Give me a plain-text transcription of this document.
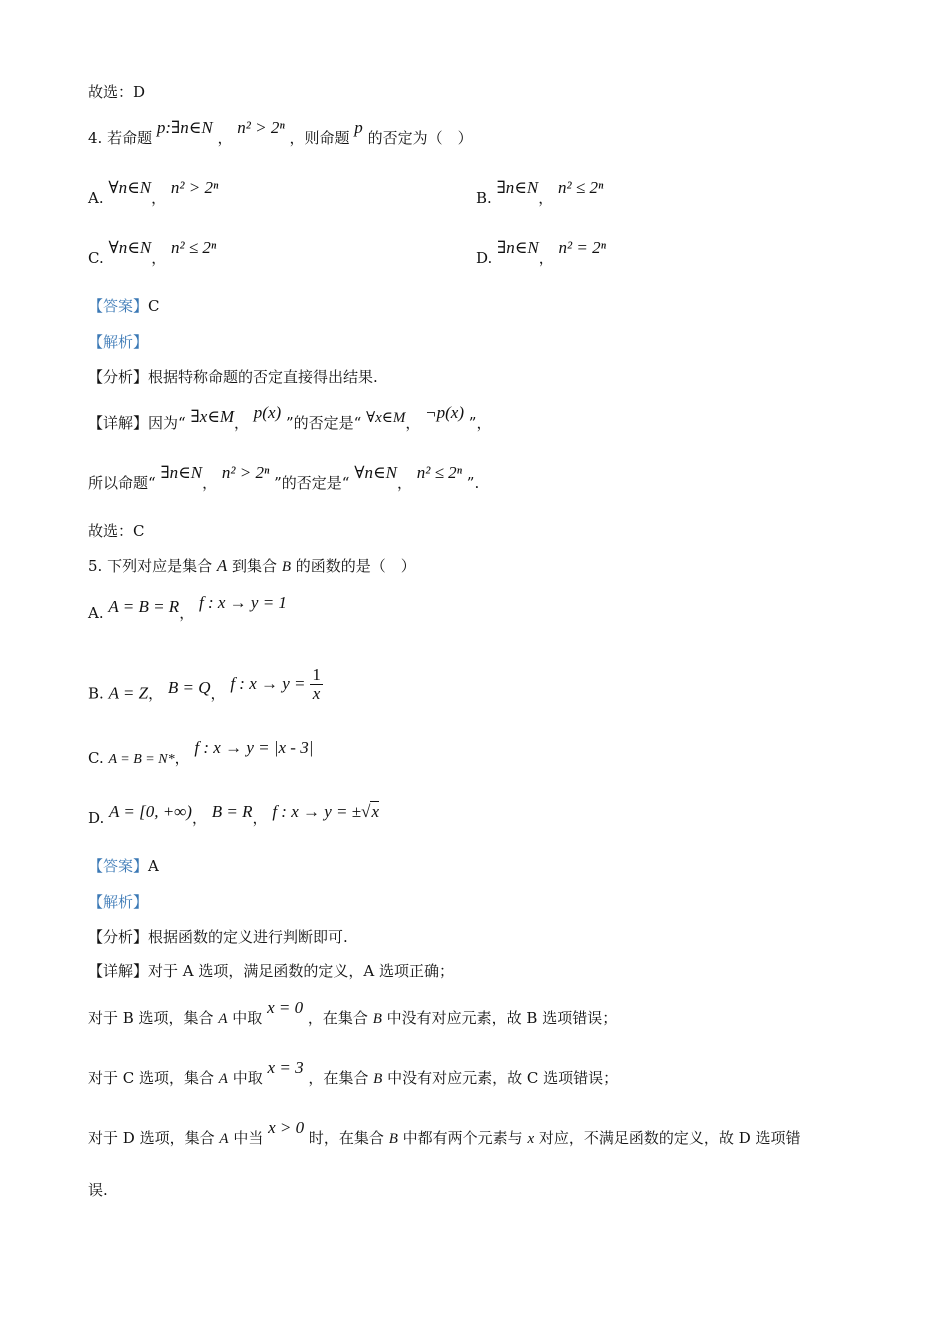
故选：D
4. 若命题 p:∃n∈N ， n² > 2ⁿ ，则命题 p 的否定为（　）
A. ∀n∈N， n² > 2ⁿ
B. ∃n∈N， n² ≤ 2ⁿ
C. ∀n∈N， n² ≤ 2ⁿ
D. ∃n∈N， n² = 2ⁿ
【答案】C
【解析】
【分析】根据特称命题的否定直接得出结果.
【详解】因为“ ∃x∈M， p(x) ”的否定是“ ∀x∈M， ¬p(x) ”，
所以命题“ ∃n∈N， n² > 2ⁿ ”的否定是“ ∀n∈N， n² ≤ 2ⁿ ”.
故选：C
5. 下列对应是集合 A 到集合 B 的函数的是（　）
A. A = B = R， f : x → y = 1
B. A = Z， B = Q， f : $x \to y = \frac{1}{x}$
C. A = B = N*， f : x → y = |x - 3|
D. A = [0, +∞)， B = R， f : x → y = ±√x
【答案】A
【解析】
【分析】根据函数的定义进行判断即可.
【详解】对于 A 选项，满足函数的定义，A 选项正确；
对于 B 选项，集合 A 中取 x = 0 ，在集合 B 中没有对应元素，故 B 选项错误；
对于 C 选项，集合 A 中取 x = 3 ，在集合 B 中没有对应元素，故 C 选项错误；
对于 D 选项，集合 A 中当 x > 0 时，在集合 B 中都有两个元素与 x 对应，不满足函数的定义，故 D 选项错
误.
